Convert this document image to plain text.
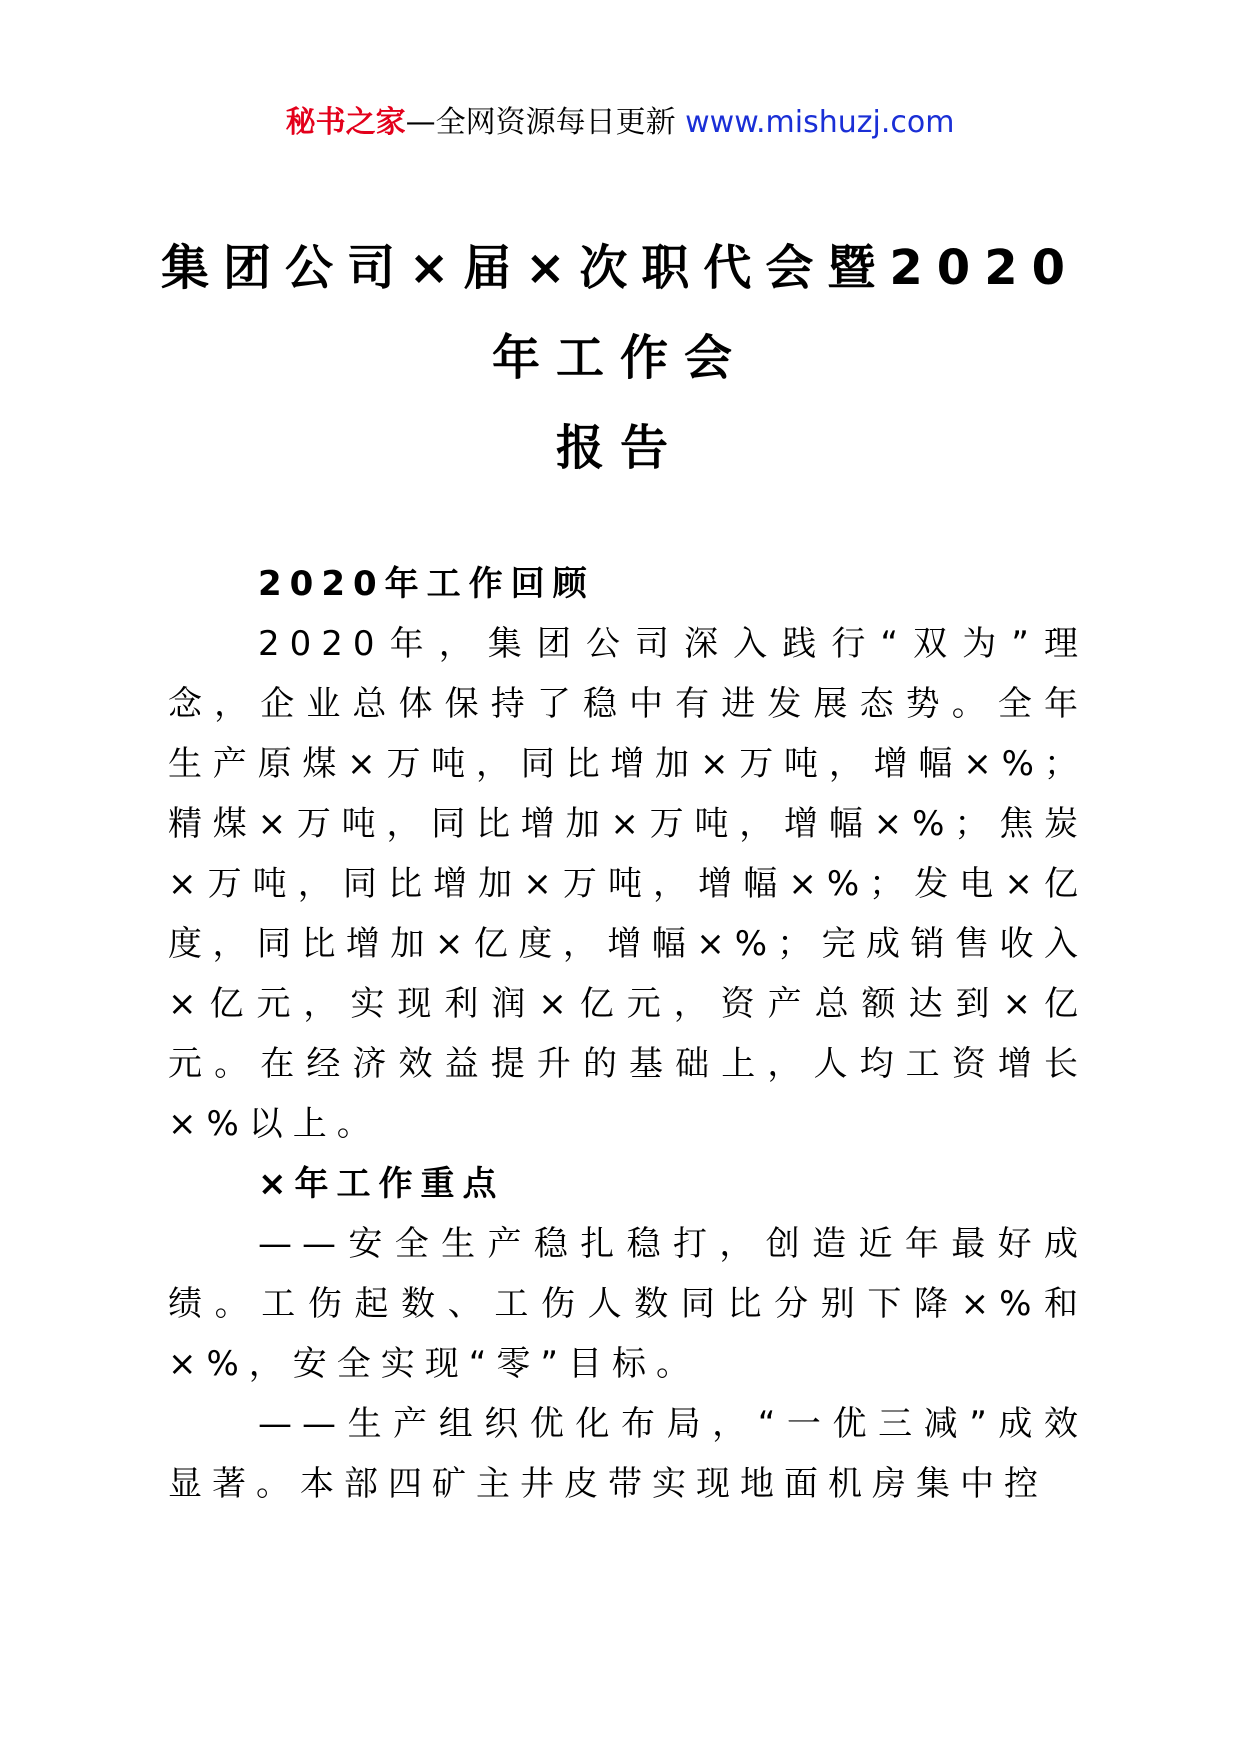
秘书之家—全网资源每日更新 www.mishuzj.com
集团公司×届×次职代会暨2020
年工作会
报告
2020年工作回顾

2020年，集团公司深入践行“双为”理念，企业总体保持了稳中有进发展态势。全年生产原煤×万吨，同比增加×万吨，增幅×%；精煤×万吨，同比增加×万吨，增幅×%；焦炭×万吨，同比增加×万吨，增幅×%；发电×亿度，同比增加×亿度，增幅×%；完成销售收入×亿元，实现利润×亿元，资产总额达到×亿元。在经济效益提升的基础上，人均工资增长×%以上。

×年工作重点

——安全生产稳扎稳打，创造近年最好成绩。工伤起数、工伤人数同比分别下降×%和×%，安全实现“零”目标。

——生产组织优化布局，“一优三减”成效显著。本部四矿主井皮带实现地面机房集中控
